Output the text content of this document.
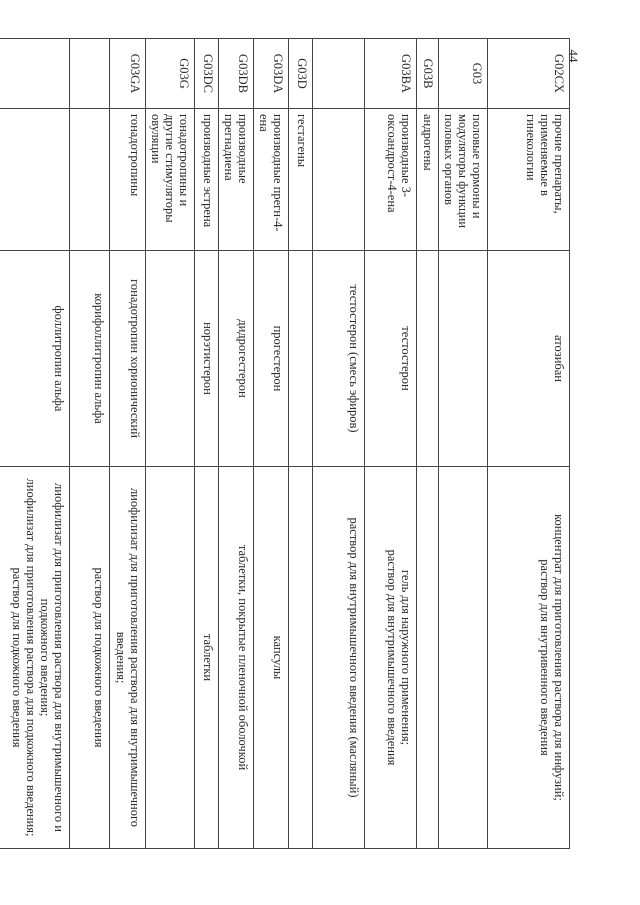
44
G02CX	прочие препараты, применяемые в гинекологии	атозибан	концентрат для приготовления раствора для инфузий;
раствор для внутривенного введения
G03	половые гормоны и модуляторы функции половых органов		
G03B	андрогены		
G03BA	производные 3-оксоандрост-4-ена	тестостерон	гель для наружного применения;
раствор для внутримышечного введения
		тестостерон (смесь эфиров)	раствор для внутримышечного введения (масляный)
G03D	гестагены		
G03DA	производные прегн-4-ена	прогестерон	капсулы
G03DB	производные прегнадиена	дидрогестерон	таблетки, покрытые пленочной оболочкой
G03DC	производные эстрена	норэтистерон	таблетки
G03G	гонадотропины и другие стимуляторы овуляции		
G03GA	гонадотропины	гонадотропин хорионический	лиофилизат для приготовления раствора для внутримышечного введения;
		корифоллитропин альфа	раствор для подкожного введения
		фоллитропин альфа	лиофилизат для приготовления раствора для внутримышечного и подкожного введения;
лиофилизат для приготовления раствора для подкожного введения;
раствор для подкожного введения
